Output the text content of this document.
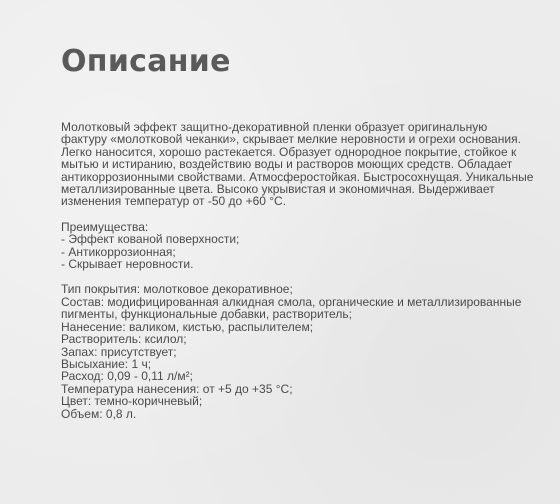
Описание
Молотковый эффект защитно-декоративной пленки образует оригинальную
фактуру «молотковой чеканки», скрывает мелкие неровности и огрехи основания.
Легко наносится, хорошо растекается. Образует однородное покрытие, стойкое к
мытью и истиранию, воздействию воды и растворов моющих средств. Обладает
антикоррозионными свойствами. Атмосферостойкая. Быстросохнущая. Уникальные
металлизированные цвета. Высоко укрывистая и экономичная. Выдерживает
изменения температур от -50 до +60 °С.
Преимущества:
- Эффект кованой поверхности;
- Антикоррозионная;
- Скрывает неровности.
Тип покрытия: молотковое декоративное;
Состав: модифицированная алкидная смола, органические и металлизированные
пигменты, функциональные добавки, растворитель;
Нанесение: валиком, кистью, распылителем;
Растворитель: ксилол;
Запах: присутствует;
Высыхание: 1 ч;
Расход: 0,09 - 0,11 л/м²;
Температура нанесения: от +5 до +35 °С;
Цвет: темно-коричневый;
Объем: 0,8 л.
